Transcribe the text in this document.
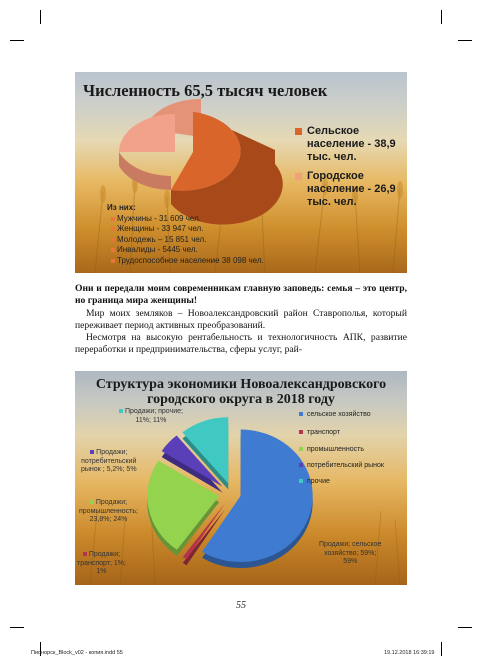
Численность 65,5 тысяч человек
Сельское
население - 38,9
тыс. чел.
Городское
население - 26,9
тыс. чел.
Из них:
Мужчины - 31 609 чел.
Женщины - 33 947 чел.
Молодежь – 15 851 чел.
Инвалиды - 5445 чел.
Трудоспособное население 38 098 чел.
Они и передали моим современникам главную заповедь: семья – это центр, но граница мира женщины!
Мир моих земляков – Новоалександровский район Ставрополья, который переживает период активных преобразований.
Несмотря на высокую рентабельность и технологичность АПК, развитие переработки и предпринимательства, сферы услуг, рай-
Структура экономики Новоалександровского
городского округа в 2018 году
сельское хозяйство
транспорт
промышленность
потребительский рынок
прочие
Продажи; прочие;
11%; 11%
Продажи;
потребительский
рынок ; 5,2%; 5%
Продажи;
промышленность;
23,8%; 24%
Продажи;
транспорт; 1%;
1%
Продажи; сельское
хозяйство; 59%;
59%
55
Пионорск_Block_v02 - копия.indd 55	19.12.2018 16:39:19
